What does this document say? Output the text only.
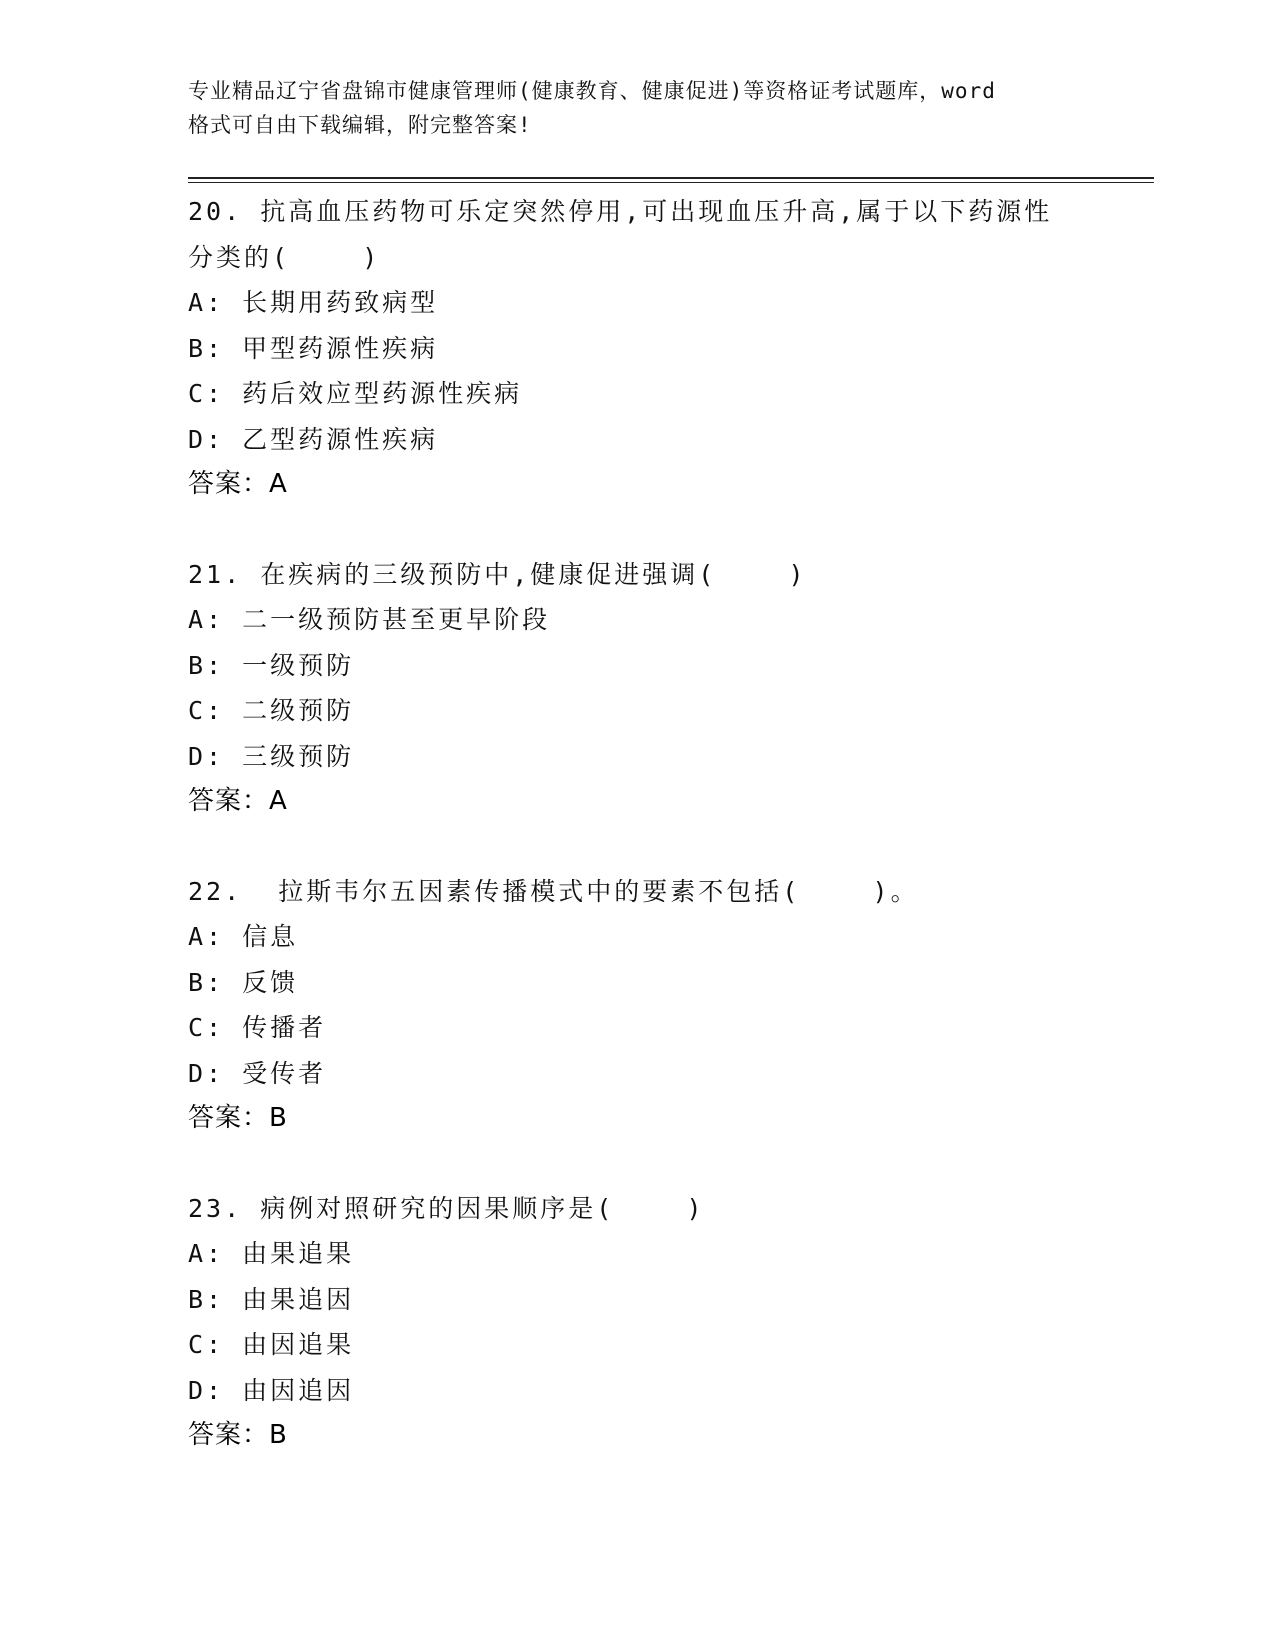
专业精品辽宁省盘锦市健康管理师(健康教育、健康促进)等资格证考试题库，word
格式可自由下载编辑，附完整答案!
20. 抗高血压药物可乐定突然停用,可出现血压升高,属于以下药源性
分类的(    )
A: 长期用药致病型
B: 甲型药源性疾病
C: 药后效应型药源性疾病
D: 乙型药源性疾病
答案：A
21. 在疾病的三级预防中,健康促进强调(    )
A: 二一级预防甚至更早阶段
B: 一级预防
C: 二级预防
D: 三级预防
答案：A
22.  拉斯韦尔五因素传播模式中的要素不包括(    )。
A: 信息
B: 反馈
C: 传播者
D: 受传者
答案：B
23. 病例对照研究的因果顺序是(    )
A: 由果追果
B: 由果追因
C: 由因追果
D: 由因追因
答案：B
